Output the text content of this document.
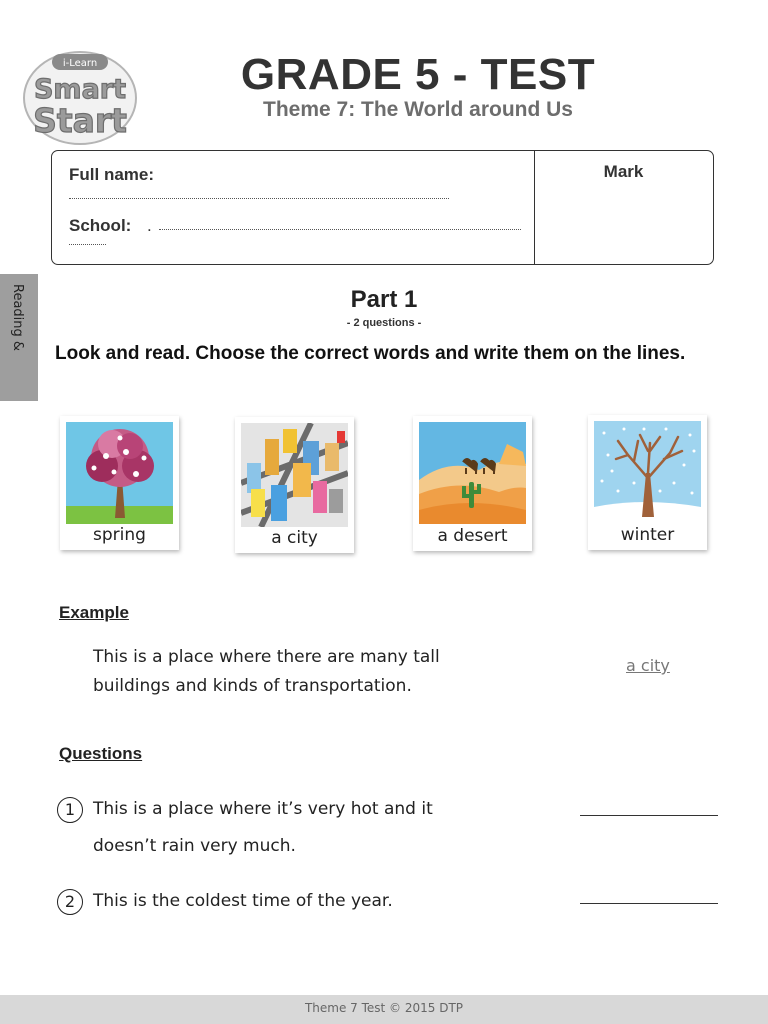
i-Learn
Smart
Start
GRADE 5 - TEST
Theme 7: The World around Us
Full name:
School: .
Mark
Reading &	Part 1
- 2 questions -
Look and read. Choose the correct words and write them on the lines.
spring	a city	a desert	winter
Example
This is a place where there are many tall
buildings and kinds of transportation.
a city
Questions
1	This is a place where it’s very hot and it
doesn’t rain very much.
2	This is the coldest time of the year.
Theme 7 Test © 2015 DTP
